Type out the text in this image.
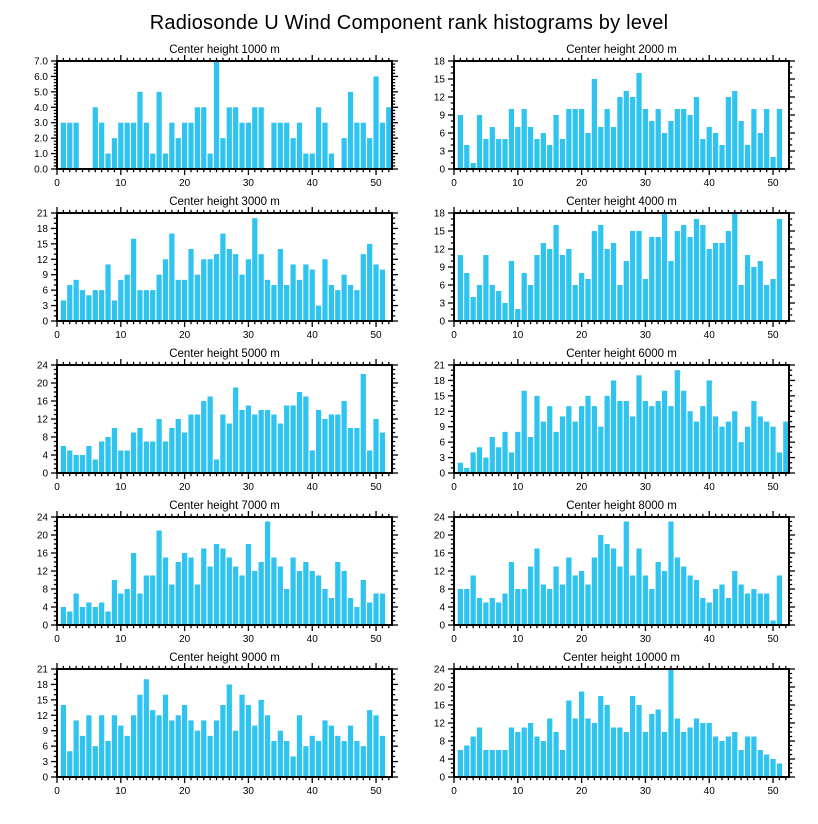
Radiosonde U Wind Component rank histograms by level
Center height 1000 m
0.0
1.0
2.0
3.0
4.0
5.0
6.0
7.0
0	10	20	30	40	50
Center height 2000 m
0
3
6
9
12
15
18
0	10	20	30	40	50
Center height 3000 m
0
3
6
9
12
15
18
21
0	10	20	30	40	50
Center height 4000 m
0
3
6
9
12
15
18
0	10	20	30	40	50
Center height 5000 m
0
4
8
12
16
20
24
0	10	20	30	40	50
Center height 6000 m
0
3
6
9
12
15
18
21
0	10	20	30	40	50
Center height 7000 m
0
4
8
12
16
20
24
0	10	20	30	40	50
Center height 8000 m
0
4
8
12
16
20
24
0	10	20	30	40	50
Center height 9000 m
0
3
6
9
12
15
18
21
0	10	20	30	40	50
Center height 10000 m
0
4
8
12
16
20
24
0	10	20	30	40	50
